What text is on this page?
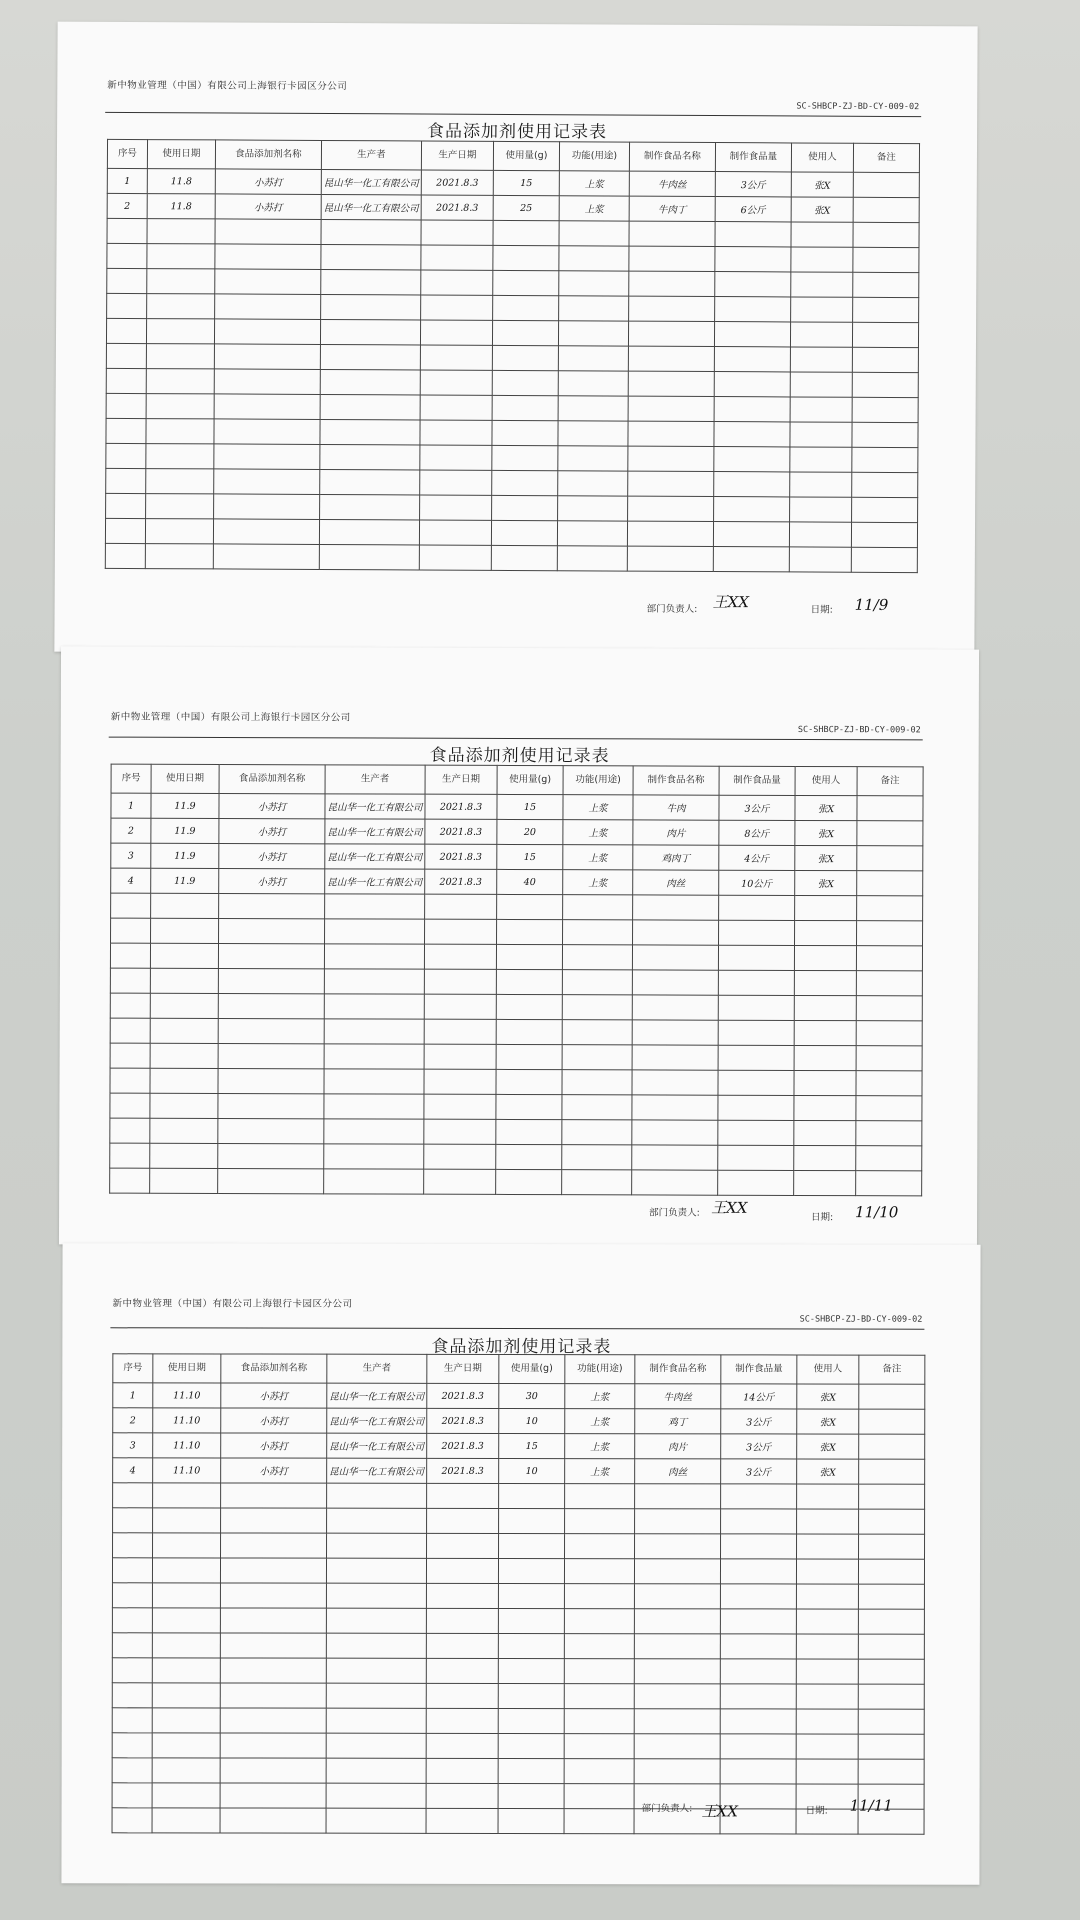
新中物业管理（中国）有限公司上海银行卡园区分公司
SC-SHBCP-ZJ-BD-CY-009-02
食品添加剂使用记录表
序号	使用日期	食品添加剂名称	生产者	生产日期	使用量(g)	功能(用途)	制作食品名称	制作食品量	使用人	备注
1	11.8	小苏打	昆山华一化工有限公司	2021.8.3	15	上浆	牛肉丝	3公斤	张X	
2	11.8	小苏打	昆山华一化工有限公司	2021.8.3	25	上浆	牛肉丁	6公斤	张X	

部门负责人: 王XX	日期: 11/9
新中物业管理（中国）有限公司上海银行卡园区分公司
SC-SHBCP-ZJ-BD-CY-009-02
食品添加剂使用记录表
序号	使用日期	食品添加剂名称	生产者	生产日期	使用量(g)	功能(用途)	制作食品名称	制作食品量	使用人	备注
1	11.9	小苏打	昆山华一化工有限公司	2021.8.3	15	上浆	牛肉	3公斤	张X	
2	11.9	小苏打	昆山华一化工有限公司	2021.8.3	20	上浆	肉片	8公斤	张X	
3	11.9	小苏打	昆山华一化工有限公司	2021.8.3	15	上浆	鸡肉丁	4公斤	张X	
4	11.9	小苏打	昆山华一化工有限公司	2021.8.3	40	上浆	肉丝	10公斤	张X	

部门负责人: 王XX
日期: 11/10
新中物业管理（中国）有限公司上海银行卡园区分公司
SC-SHBCP-ZJ-BD-CY-009-02
食品添加剂使用记录表
序号	使用日期	食品添加剂名称	生产者	生产日期	使用量(g)	功能(用途)	制作食品名称	制作食品量	使用人	备注
1	11.10	小苏打	昆山华一化工有限公司	2021.8.3	30	上浆	牛肉丝	14公斤	张X	
2	11.10	小苏打	昆山华一化工有限公司	2021.8.3	10	上浆	鸡丁	3公斤	张X	
3	11.10	小苏打	昆山华一化工有限公司	2021.8.3	15	上浆	肉片	3公斤	张X	
4	11.10	小苏打	昆山华一化工有限公司	2021.8.3	10	上浆	肉丝	3公斤	张X	

部门负责人: 王XX	日期: 11/11
